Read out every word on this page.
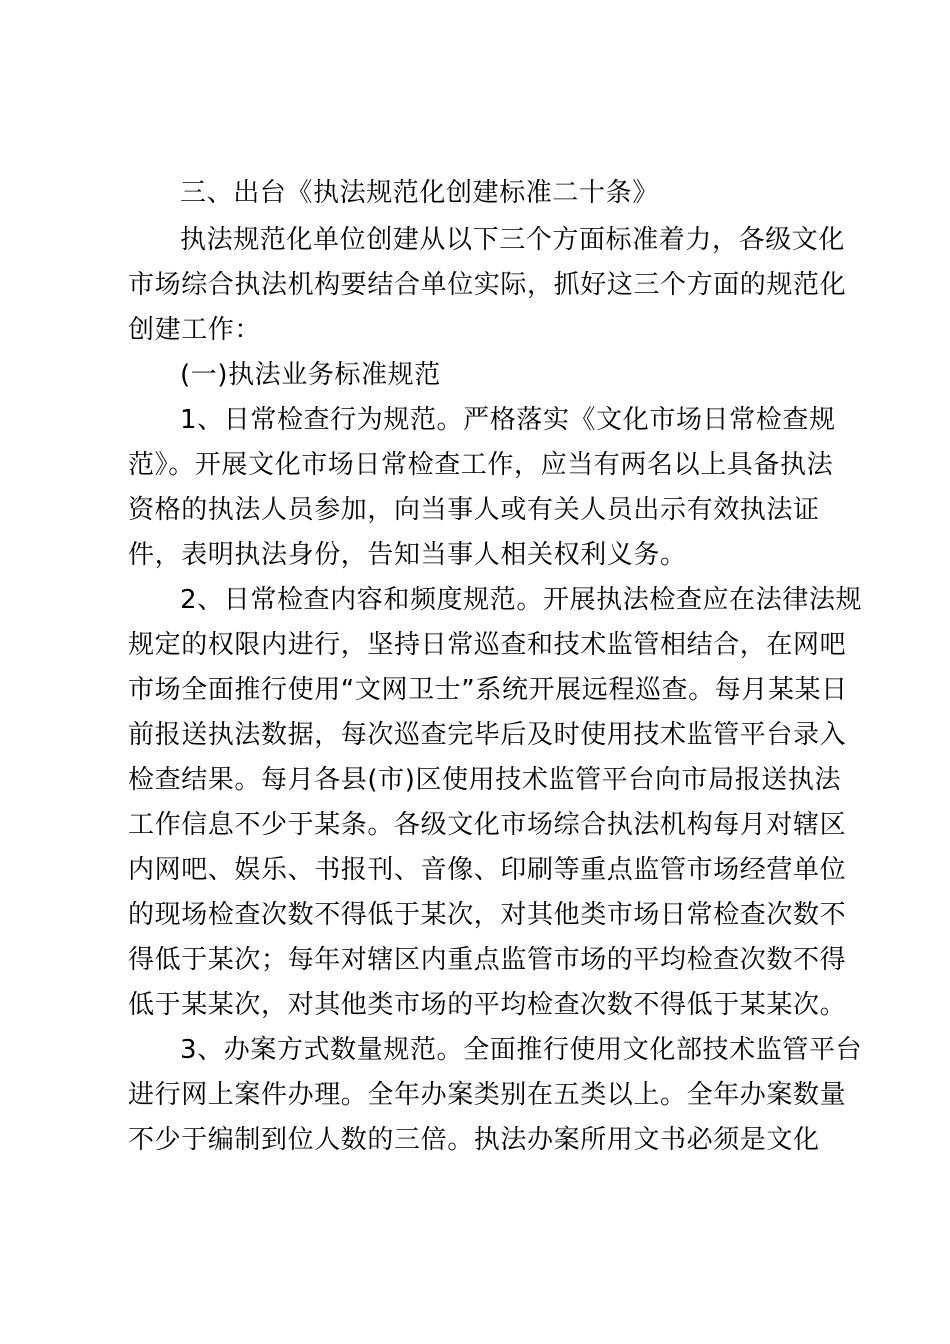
三、出台《执法规范化创建标准二十条》
执法规范化单位创建从以下三个方面标准着力，各级文化
市场综合执法机构要结合单位实际，抓好这三个方面的规范化
创建工作：
(一)执法业务标准规范
1、日常检查行为规范。严格落实《文化市场日常检查规
范》。开展文化市场日常检查工作，应当有两名以上具备执法
资格的执法人员参加，向当事人或有关人员出示有效执法证
件，表明执法身份，告知当事人相关权利义务。
2、日常检查内容和频度规范。开展执法检查应在法律法规
规定的权限内进行，坚持日常巡查和技术监管相结合，在网吧
市场全面推行使用“文网卫士”系统开展远程巡查。每月某某日
前报送执法数据，每次巡查完毕后及时使用技术监管平台录入
检查结果。每月各县(市)区使用技术监管平台向市局报送执法
工作信息不少于某条。各级文化市场综合执法机构每月对辖区
内网吧、娱乐、书报刊、音像、印刷等重点监管市场经营单位
的现场检查次数不得低于某次，对其他类市场日常检查次数不
得低于某次；每年对辖区内重点监管市场的平均检查次数不得
低于某某次，对其他类市场的平均检查次数不得低于某某次。
3、办案方式数量规范。全面推行使用文化部技术监管平台
进行网上案件办理。全年办案类别在五类以上。全年办案数量
不少于编制到位人数的三倍。执法办案所用文书必须是文化
